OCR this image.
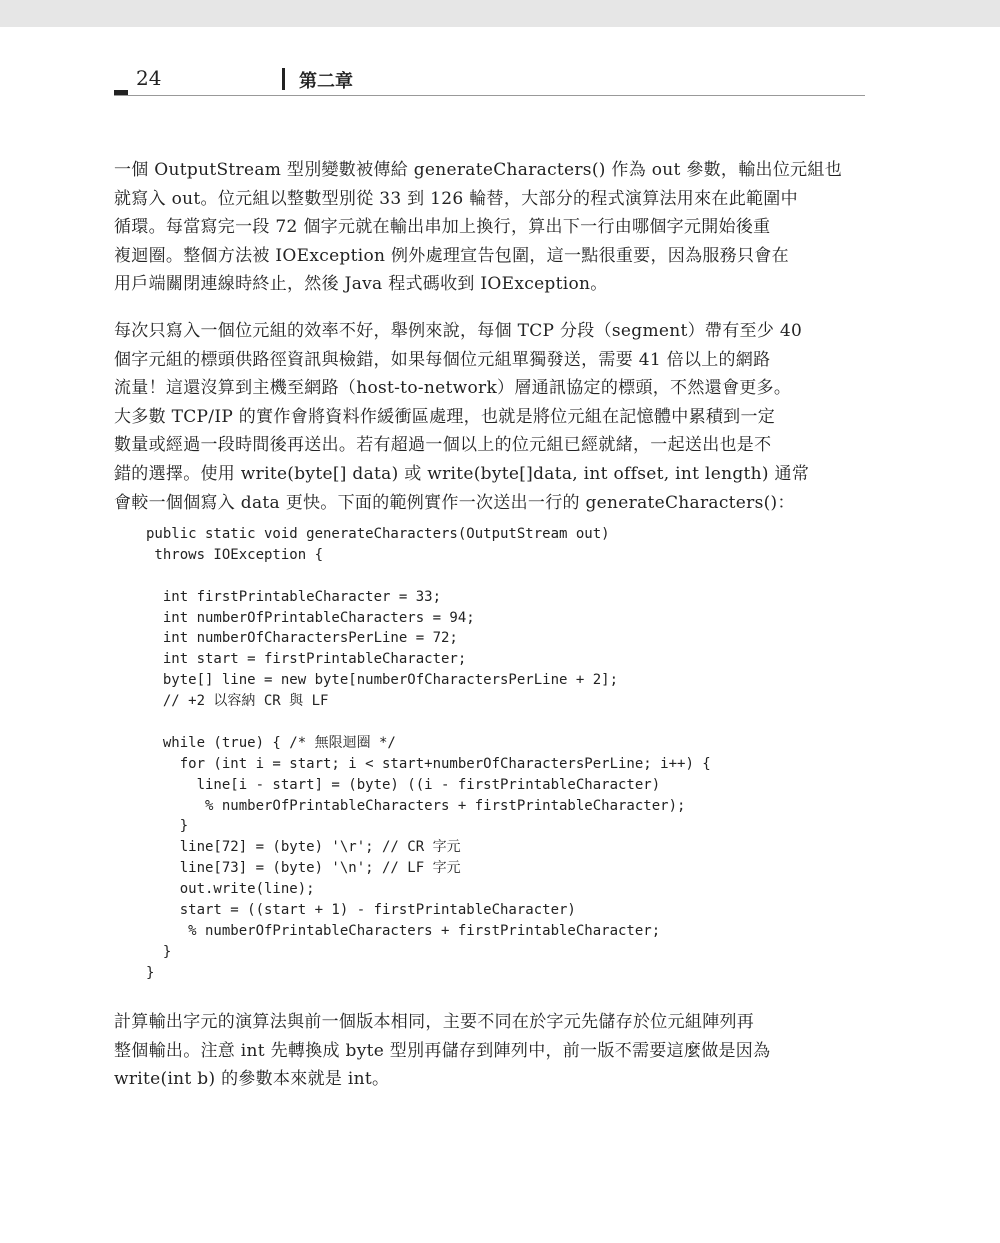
24	第二章
一個 OutputStream 型別變數被傳給 generateCharacters() 作為 out 參數，輸出位元組也
就寫入 out。位元組以整數型別從 33 到 126 輪替，大部分的程式演算法用來在此範圍中
循環。每當寫完一段 72 個字元就在輸出串加上換行，算出下一行由哪個字元開始後重
複迴圈。整個方法被 IOException 例外處理宣告包圍，這一點很重要，因為服務只會在
用戶端關閉連線時終止，然後 Java 程式碼收到 IOException。
每次只寫入一個位元組的效率不好，舉例來說，每個 TCP 分段（segment）帶有至少 40
個字元組的標頭供路徑資訊與檢錯，如果每個位元組單獨發送，需要 41 倍以上的網路
流量！這還沒算到主機至網路（host-to-network）層通訊協定的標頭，不然還會更多。
大多數 TCP/IP 的實作會將資料作緩衝區處理，也就是將位元組在記憶體中累積到一定
數量或經過一段時間後再送出。若有超過一個以上的位元組已經就緒，一起送出也是不
錯的選擇。使用 write(byte[] data) 或 write(byte[]data, int offset, int length) 通常
會較一個個寫入 data 更快。下面的範例實作一次送出一行的 generateCharacters()：
public static void generateCharacters(OutputStream out)
throws IOException {
int firstPrintableCharacter = 33;
int numberOfPrintableCharacters = 94;
int numberOfCharactersPerLine = 72;
int start = firstPrintableCharacter;
byte[] line = new byte[numberOfCharactersPerLine + 2];
// +2 以容納 CR 與 LF
while (true) { /* 無限迴圈 */
for (int i = start; i < start+numberOfCharactersPerLine; i++) {
line[i - start] = (byte) ((i - firstPrintableCharacter)
% numberOfPrintableCharacters + firstPrintableCharacter);
}
line[72] = (byte) '\r'; // CR 字元
line[73] = (byte) '\n'; // LF 字元
out.write(line);
start = ((start + 1) - firstPrintableCharacter)
% numberOfPrintableCharacters + firstPrintableCharacter;
}
}
計算輸出字元的演算法與前一個版本相同，主要不同在於字元先儲存於位元組陣列再
整個輸出。注意 int 先轉換成 byte 型別再儲存到陣列中，前一版不需要這麼做是因為
write(int b) 的參數本來就是 int。
